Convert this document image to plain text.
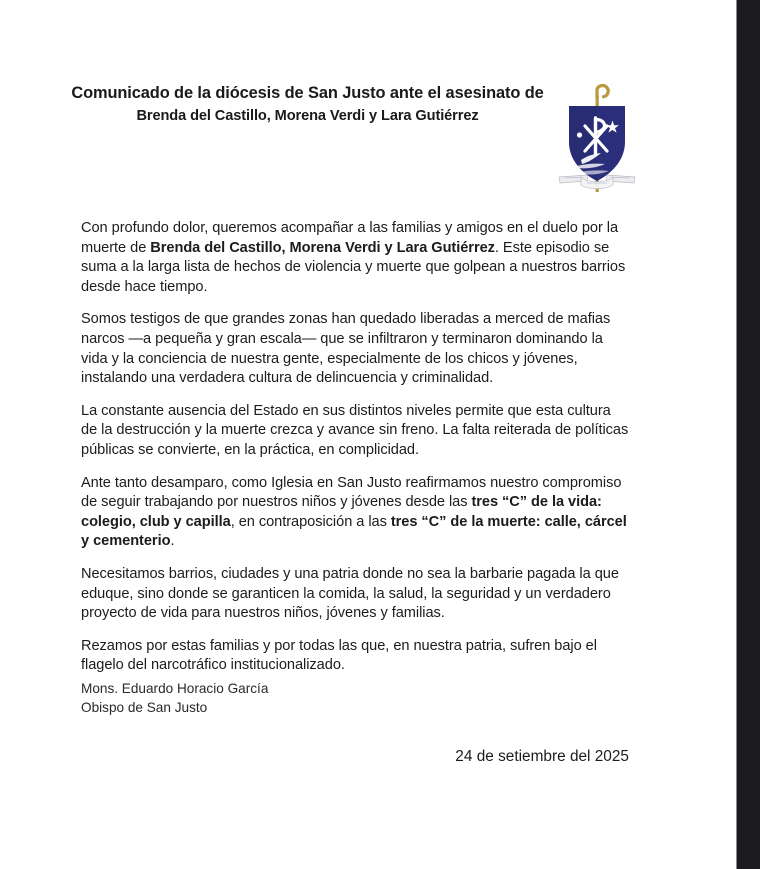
Comunicado de la diócesis de San Justo ante el asesinato de
Brenda del Castillo, Morena Verdi y Lara Gutiérrez

Con profundo dolor, queremos acompañar a las familias y amigos en el duelo por la muerte de Brenda del Castillo, Morena Verdi y Lara Gutiérrez. Este episodio se suma a la larga lista de hechos de violencia y muerte que golpean a nuestros barrios desde hace tiempo.

Somos testigos de que grandes zonas han quedado liberadas a merced de mafias narcos —a pequeña y gran escala— que se infiltraron y terminaron dominando la vida y la conciencia de nuestra gente, especialmente de los chicos y jóvenes, instalando una verdadera cultura de delincuencia y criminalidad.

La constante ausencia del Estado en sus distintos niveles permite que esta cultura de la destrucción y la muerte crezca y avance sin freno. La falta reiterada de políticas públicas se convierte, en la práctica, en complicidad.

Ante tanto desamparo, como Iglesia en San Justo reafirmamos nuestro compromiso de seguir trabajando por nuestros niños y jóvenes desde las tres “C” de la vida: colegio, club y capilla, en contraposición a las tres “C” de la muerte: calle, cárcel y cementerio.

Necesitamos barrios, ciudades y una patria donde no sea la barbarie pagada la que eduque, sino donde se garanticen la comida, la salud, la seguridad y un verdadero proyecto de vida para nuestros niños, jóvenes y familias.

Rezamos por estas familias y por todas las que, en nuestra patria, sufren bajo el flagelo del narcotráfico institucionalizado.

Mons. Eduardo Horacio García
Obispo de San Justo
24 de setiembre del 2025
